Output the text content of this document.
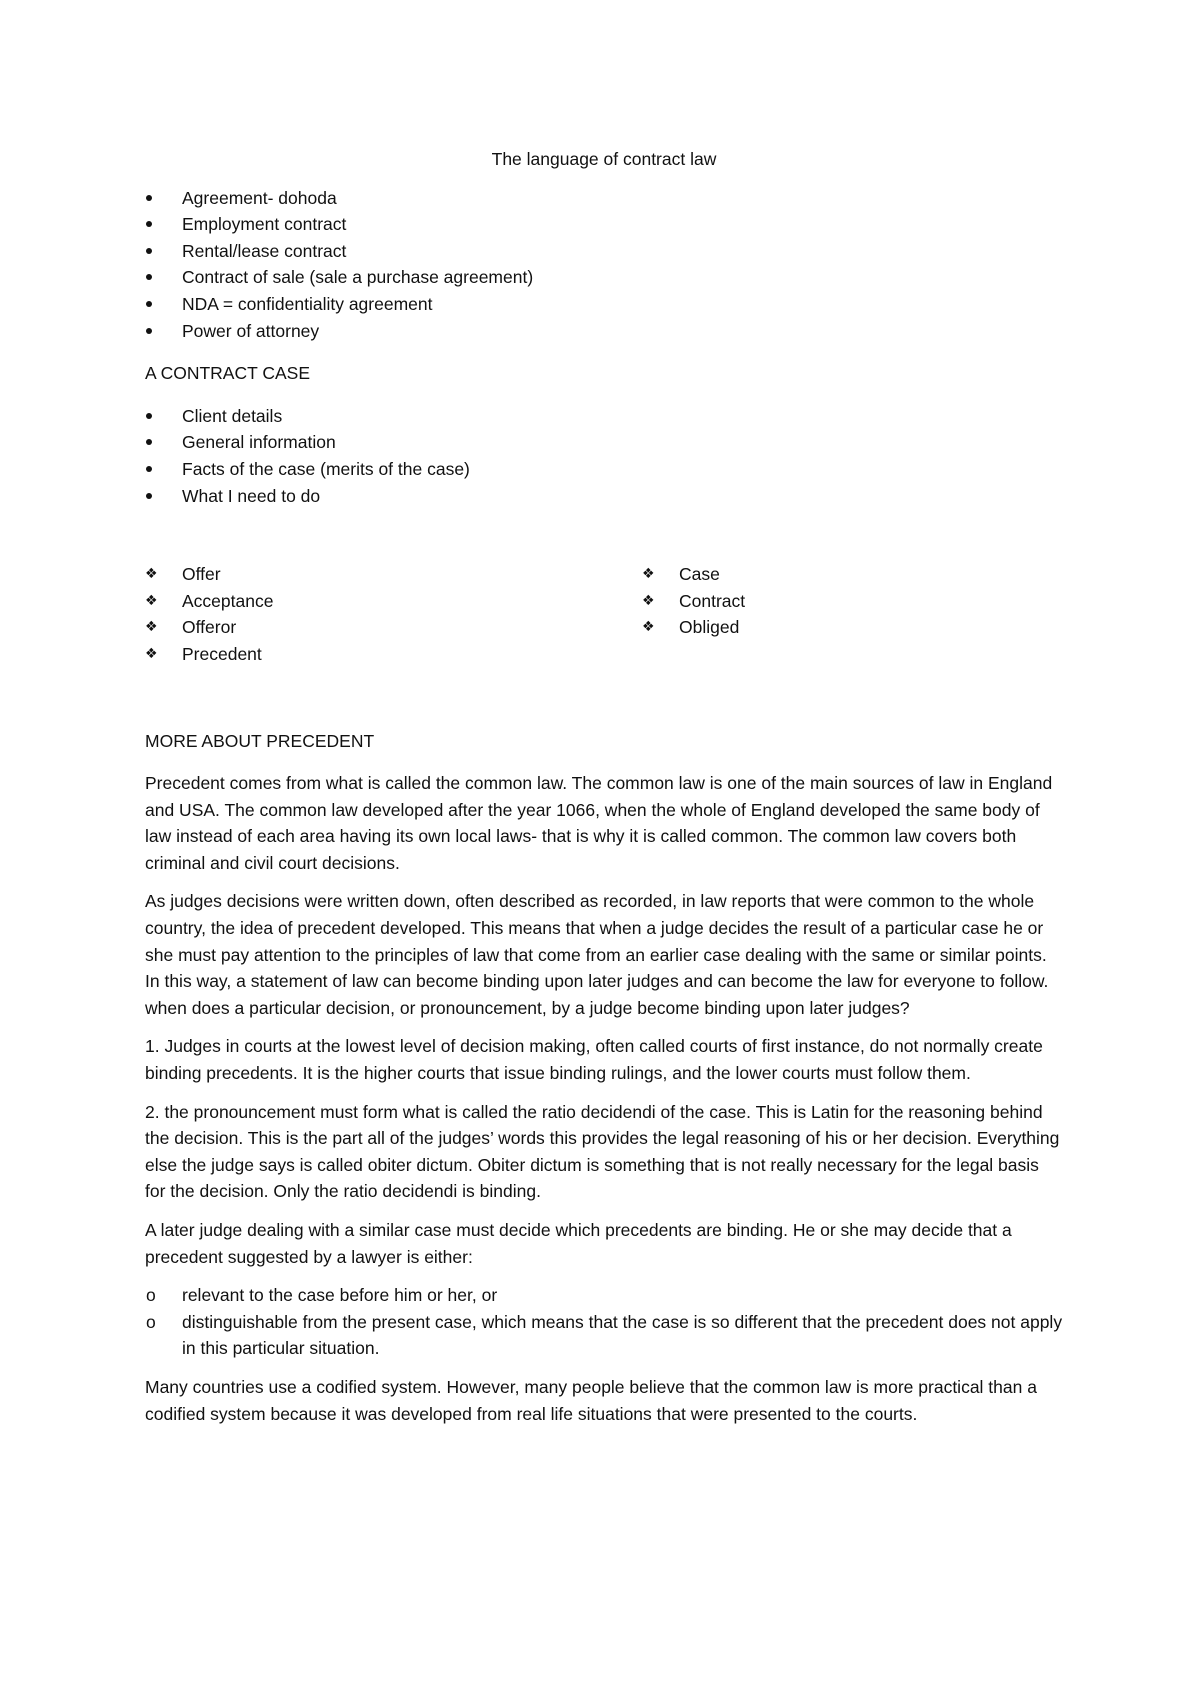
The language of contract law
Agreement- dohoda
Employment contract
Rental/lease contract
Contract of sale (sale a purchase agreement)
NDA = confidentiality agreement
Power of attorney
A CONTRACT CASE
Client details
General information
Facts of the case (merits of the case)
What I need to do
❖ Offer
❖ Acceptance
❖ Offeror
❖ Precedent
❖ Case
❖ Contract
❖ Obliged
MORE ABOUT PRECEDENT

Precedent comes from what is called the common law. The common law is one of the main sources of law in England and USA. The common law developed after the year 1066, when the whole of England developed the same body of law instead of each area having its own local laws- that is why it is called common. The common law covers both criminal and civil court decisions.

As judges decisions were written down, often described as recorded, in law reports that were common to the whole country, the idea of precedent developed. This means that when a judge decides the result of a particular case he or she must pay attention to the principles of law that come from an earlier case dealing with the same or similar points. In this way, a statement of law can become binding upon later judges and can become the law for everyone to follow. when does a particular decision, or pronouncement, by a judge become binding upon later judges?

1. Judges in courts at the lowest level of decision making, often called courts of first instance, do not normally create binding precedents. It is the higher courts that issue binding rulings, and the lower courts must follow them.

2. the pronouncement must form what is called the ratio decidendi of the case. This is Latin for the reasoning behind the decision. This is the part all of the judges’ words this provides the legal reasoning of his or her decision. Everything else the judge says is called obiter dictum. Obiter dictum is something that is not really necessary for the legal basis for the decision. Only the ratio decidendi is binding.

A later judge dealing with a similar case must decide which precedents are binding. He or she may decide that a precedent suggested by a lawyer is either:

o relevant to the case before him or her, or
o distinguishable from the present case, which means that the case is so different that the precedent does not apply in this particular situation.

Many countries use a codified system. However, many people believe that the common law is more practical than a codified system because it was developed from real life situations that were presented to the courts.
